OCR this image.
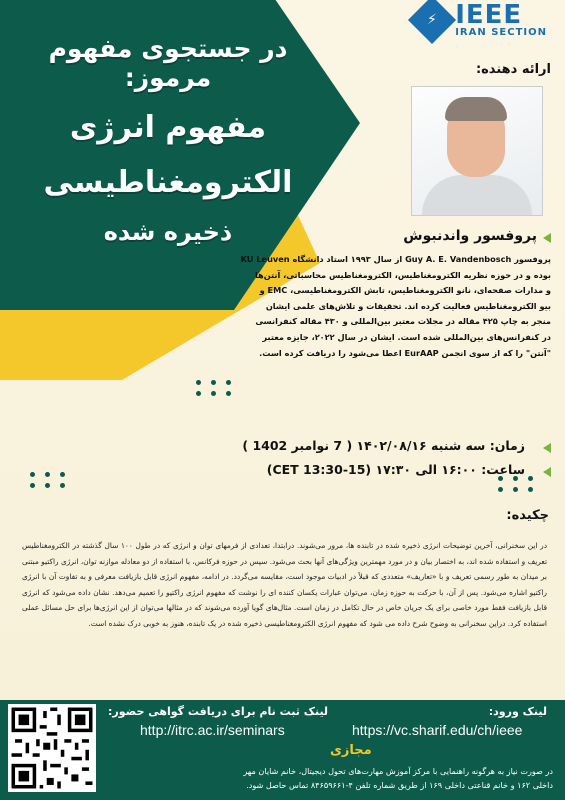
در جستجوی مفهوم مرموز:
مفهوم انرژی
الکترومغناطیسی
ذخیره شده
⚡ IEEE
IRAN SECTION
ارائه دهنده:
پروفسور واندنبوش
پروفسور Guy A. E. Vandenbosch از سال ۱۹۹۳ استاد دانشگاه KU Leuven
بوده و در حوزه نظریه الکترومغناطیس، الکترومغناطیس محاسباتی، آنتن‌ها
و مدارات صفحه‌ای، نانو الکترومغناطیس، تابش الکترومغناطیسی، EMC و
بیو الکترومغناطیس فعالیت کرده اند. تحقیقات و تلاش‌های علمی ایشان
منجر به چاپ ۴۲۵ مقاله در مجلات معتبر بین‌المللی و ۴۳۰ مقاله کنفرانسی
در کنفرانس‌های بین‌المللی شده است. ایشان در سال ۲۰۲۲، جایزه معتبر
"آنتن" را که از سوی انجمن EurAAP اعطا می‌شود را دریافت کرده است.
زمان: سه شنبه ۱۴۰۲/۰۸/۱۶ ( 7 نوامبر 1402 )
ساعت: ۱۶:۰۰ الی ۱۷:۳۰ (CET 13:30-15)
چکیده:
در این سخنرانی، آخرین توضیحات انرژی ذخیره شده در تابنده ها، مرور می‌شوند. درابتدا، تعدادی از فرمهای توان و انرژی که در طول ۱۰۰ سال گذشته در الکترومغناطیس تعریف و استفاده شده اند، به اختصار بیان و در مورد مهمترین ویژگی‌های آنها بحث می‌شود. سپس در حوزه فرکانس، با استفاده از دو معادله موازنه توان، انرژی راکتیو مبتنی بر میدان به طور رسمی تعریف و با «تعاریف» متعددی که قبلاً در ادبیات موجود است، مقایسه می‌گردد. در ادامه، مفهوم انرژی قابل بازیافت معرفی و به تفاوت آن با انرژی راکتیو اشاره می‌شود. پس از آن، با حرکت به حوزه زمان، می‌توان عبارات یکسان کننده ای را نوشت که مفهوم انرژی راکتیو را تعمیم می‌دهد. نشان داده می‌شود که انرژی قابل بازیافت فقط مورد خاصی برای یک جریان خاص در حال تکامل در زمان است. مثال‌های گویا آورده می‌شوند که در مثالها می‌توان از این انرژی‌ها برای حل مسائل عملی استفاده کرد. دراین سخنرانی به وضوح شرح داده می شود که مفهوم انرژی الکترومغناطیسی ذخیره شده در یک تابنده، هنوز به خوبی درک نشده است.
لینک ثبت نام برای دریافت گواهی حضور:
http://itrc.ac.ir/seminars
لینک ورود:
https://vc.sharif.edu/ch/ieee
مجازی
در صورت نیاز به هرگونه راهنمایی با مرکز آموزش مهارت‌های تحول دیجیتال، خانم شایان مهر
داخلی ۱۶۲ و خانم قناعتی داخلی ۱۶۹ از طریق شماره تلفن ۴-۸۴۶۵۹۶۶۱ تماس حاصل شود.
